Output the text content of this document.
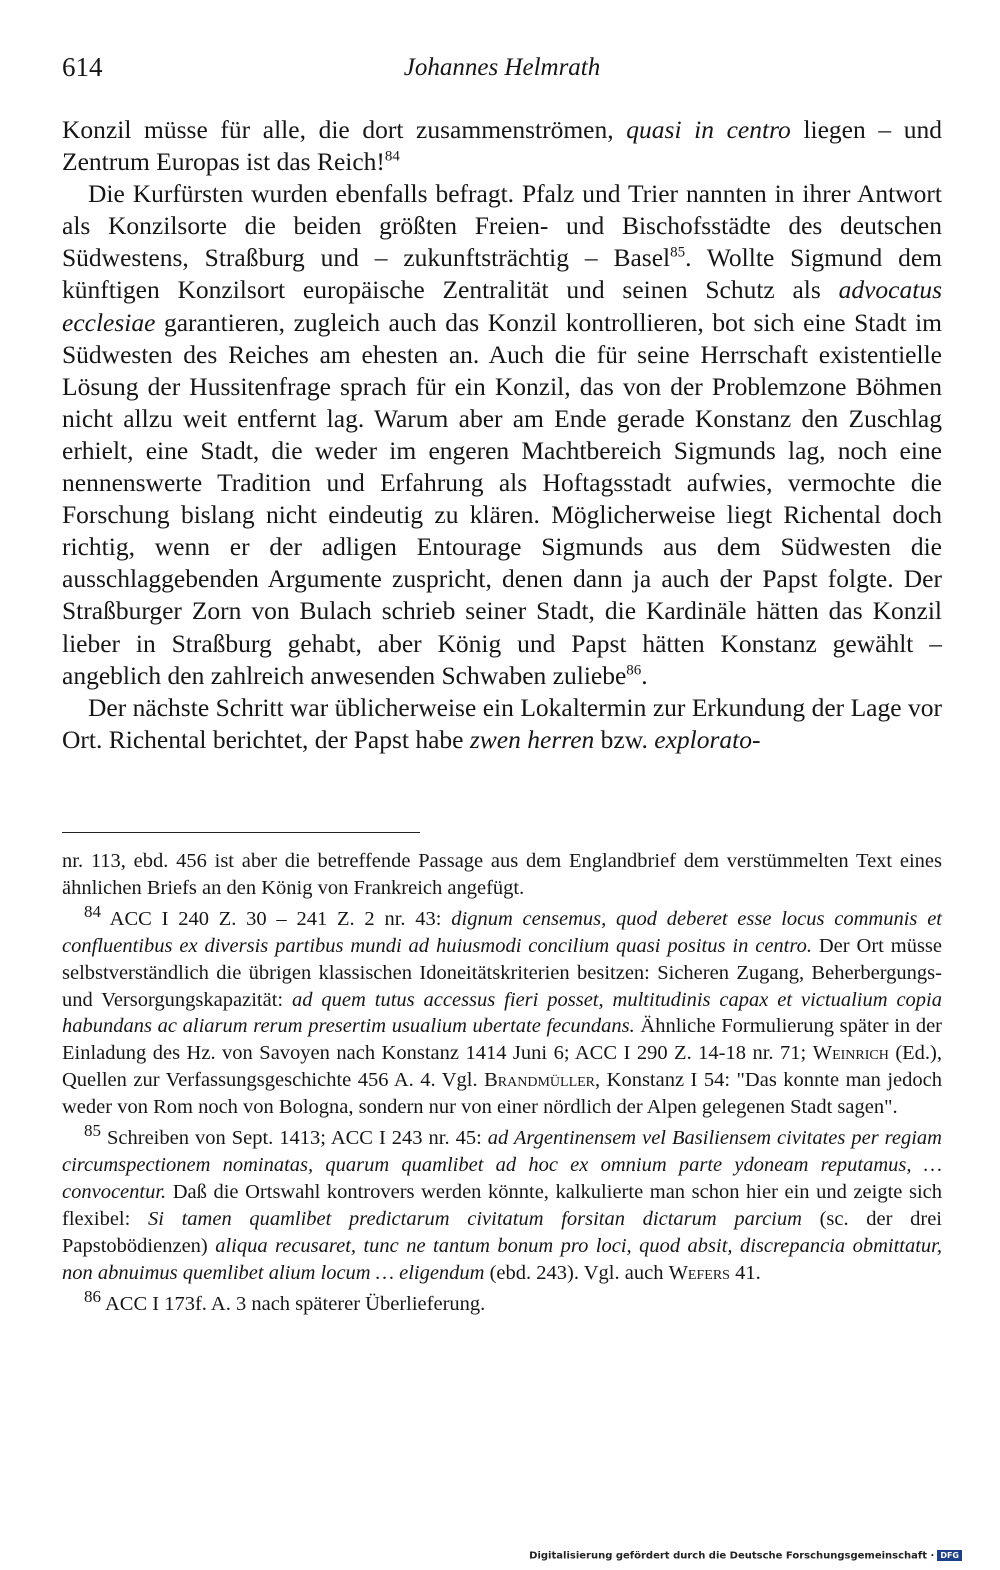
614	Johannes Helmrath

Konzil müsse für alle, die dort zusammenströmen, quasi in centro liegen – und Zentrum Europas ist das Reich!$^{84}$

Die Kurfürsten wurden ebenfalls befragt. Pfalz und Trier nannten in ihrer Antwort als Konzilsorte die beiden größten Freien- und Bischofsstädte des deutschen Südwestens, Straßburg und – zukunftsträchtig – Basel$^{85}$. Wollte Sigmund dem künftigen Konzilsort europäische Zentralität und seinen Schutz als advocatus ecclesiae garantieren, zugleich auch das Konzil kontrollieren, bot sich eine Stadt im Südwesten des Reiches am ehesten an. Auch die für seine Herrschaft existentielle Lösung der Hussitenfrage sprach für ein Konzil, das von der Problemzone Böhmen nicht allzu weit entfernt lag. Warum aber am Ende gerade Konstanz den Zuschlag erhielt, eine Stadt, die weder im engeren Machtbereich Sigmunds lag, noch eine nennenswerte Tradition und Erfahrung als Hoftagsstadt aufwies, vermochte die Forschung bislang nicht eindeutig zu klären. Möglicherweise liegt Richental doch richtig, wenn er der adligen Entourage Sigmunds aus dem Südwesten die ausschlaggebenden Argumente zuspricht, denen dann ja auch der Papst folgte. Der Straßburger Zorn von Bulach schrieb seiner Stadt, die Kardinäle hätten das Konzil lieber in Straßburg gehabt, aber König und Papst hätten Konstanz gewählt – angeblich den zahlreich anwesenden Schwaben zuliebe$^{86}$.

Der nächste Schritt war üblicherweise ein Lokaltermin zur Erkundung der Lage vor Ort. Richental berichtet, der Papst habe zwen herren bzw. explorato-

nr. 113, ebd. 456 ist aber die betreffende Passage aus dem Englandbrief dem verstümmelten Text eines ähnlichen Briefs an den König von Frankreich angefügt.

$^{84}$ ACC I 240 Z. 30 – 241 Z. 2 nr. 43: dignum censemus, quod deberet esse locus communis et confluentibus ex diversis partibus mundi ad huiusmodi concilium quasi positus in centro. Der Ort müsse selbstverständlich die übrigen klassischen Idoneitätskriterien besitzen: Sicheren Zugang, Beherbergungs- und Versorgungskapazität: ad quem tutus accessus fieri posset, multitudinis capax et victualium copia habundans ac aliarum rerum presertim usualium ubertate fecundans. Ähnliche Formulierung später in der Einladung des Hz. von Savoyen nach Konstanz 1414 Juni 6; ACC I 290 Z. 14-18 nr. 71; Weinrich (Ed.), Quellen zur Verfassungsgeschichte 456 A. 4. Vgl. Brandmüller, Konstanz I 54: "Das konnte man jedoch weder von Rom noch von Bologna, sondern nur von einer nördlich der Alpen gelegenen Stadt sagen".

$^{85}$ Schreiben von Sept. 1413; ACC I 243 nr. 45: ad Argentinensem vel Basiliensem civitates per regiam circumspectionem nominatas, quarum quamlibet ad hoc ex omnium parte ydoneam reputamus, … convocentur. Daß die Ortswahl kontrovers werden könnte, kalkulierte man schon hier ein und zeigte sich flexibel: Si tamen quamlibet predictarum civitatum forsitan dictarum parcium (sc. der drei Papstobödienzen) aliqua recusaret, tunc ne tantum bonum pro loci, quod absit, discrepancia obmittatur, non abnuimus quemlibet alium locum … eligendum (ebd. 243). Vgl. auch Wefers 41.

$^{86}$ ACC I 173f. A. 3 nach späterer Überlieferung.

Digitalisierung gefördert durch die Deutsche Forschungsgemeinschaft · DFG
